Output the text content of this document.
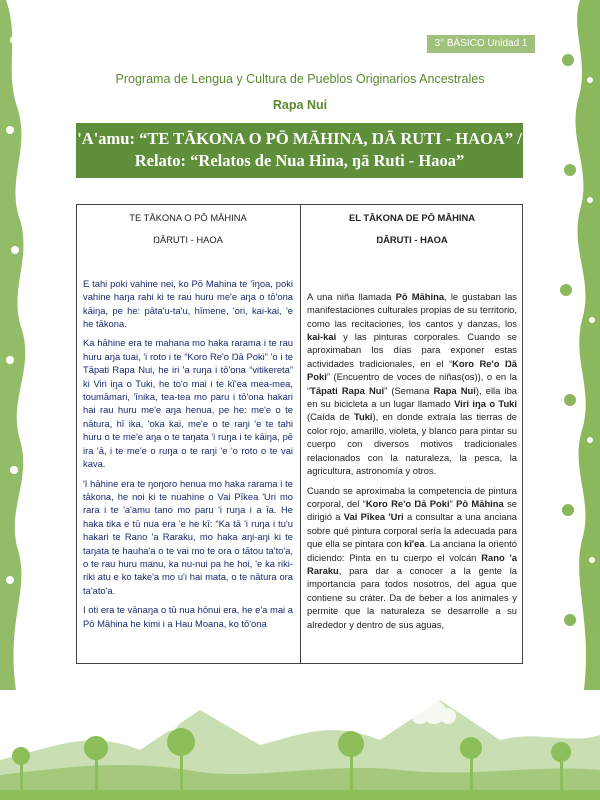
3° BÁSICO Unidad 1
Programa de Lengua y Cultura de Pueblos Originarios Ancestrales
Rapa Nui
'A'amu: “TE TĀKONA O PŌ MĀHINA, ŊĀ RUTI - HAOA” /
Relato: “Relatos de Nua Hina, ŋā Ruti - Haoa”
TE TĀKONA O PŌ MĀHINA
ŊĀRUTI - HAOA

E tahi poki vahine nei, ko Pō Mahina te 'īŋoa, poki vahine haŋa rahi ki te rau huru me'e aŋa o tō'ona kāiŋa, pe he: pāta'u-ta'u, hīmene, 'ori, kai-kai, 'e he tākona.

Ka hāhine era te mahana mo haka rarama i te rau huru aŋa tuai, 'i roto i te “Koro Re'o Ŋā Poki” 'o i te Tāpati Rapa Nui, he iri 'a ruŋa i tō'ona “vitikereta” ki Viri iŋa o Tuki, he to'o mai i te kī'ea mea-mea, toumāmari, 'īnika, tea-tea mo paru i tō'ona hakari hai rau huru me'e aŋa henua, pe he: me'e o te nātura, hī ika, 'oka kai, me'e o te raŋi 'e te tahi huru o te me'e aŋa o te taŋata 'i ruŋa i te kāiŋa, pē ira 'ā, i te me'e o ruŋa o te raŋi 'e 'o roto o te vai kava.

'I hāhine era te ŋoŋoro henua mo haka rarama i te tākona, he noi ki te nuahine o Vai Pīkea 'Uri mo rara i te 'a'amu tano mo paru 'i ruŋa i a īa. He haka tika e tū nua era 'e he kī: “Ka tā 'i ruŋa i tu'u hakari te Rano 'a Raraku, mo haka aŋi-aŋi ki te taŋata te hauha'a o te vai mo te ora o tātou ta'to'a, o te rau huru manu, ka nu-nui pa he hoi, 'e ka riki-riki atu e ko take'a mo u'i hai mata, o te nātura ora ta'ato'a.

I oti era te vānaŋa o tū nua hōnui era, he e'a mai a Pō Māhina he kimi i a Hau Moana, ko tō'ona

EL TĀKONA DE PŌ MĀHINA
ŊĀRUTI - HAOA

A una niña llamada Pō Māhina, le gustaban las manifestaciones culturales propias de su territorio, como las recitaciones, los cantos y danzas, los kai-kai y las pinturas corporales. Cuando se aproximaban los días para exponer estas actividades tradicionales, en el “Koro Re'o Ŋā Poki” (Encuentro de voces de niñas(os)), o en la “Tāpati Rapa Nui” (Semana Rapa Nui), ella iba en su bicicleta a un lugar llamado Viri iŋa o Tuki (Caída de Tuki), en donde extraía las tierras de color rojo, amarillo, violeta, y blanco para pintar su cuerpo con diversos motivos tradicionales relacionados con la naturaleza, la pesca, la agricultura, astronomía y otros.

Cuando se aproximaba la competencia de pintura corporal, del “Koro Re'o Ŋā Poki” Pō Māhina se dirigió a Vai Pīkea 'Uri a consultar a una anciana sobre qué pintura corporal sería la adecuada para que ella se pintara con kī'ea. La anciana la orientó diciendo: Pinta en tu cuerpo el volcán Rano 'a Raraku, para dar a conocer a la gente la importancia para todos nosotros, del agua que contiene su cráter. Da de beber a los animales y permite que la naturaleza se desarrolle a su alrededor y dentro de sus aguas,
